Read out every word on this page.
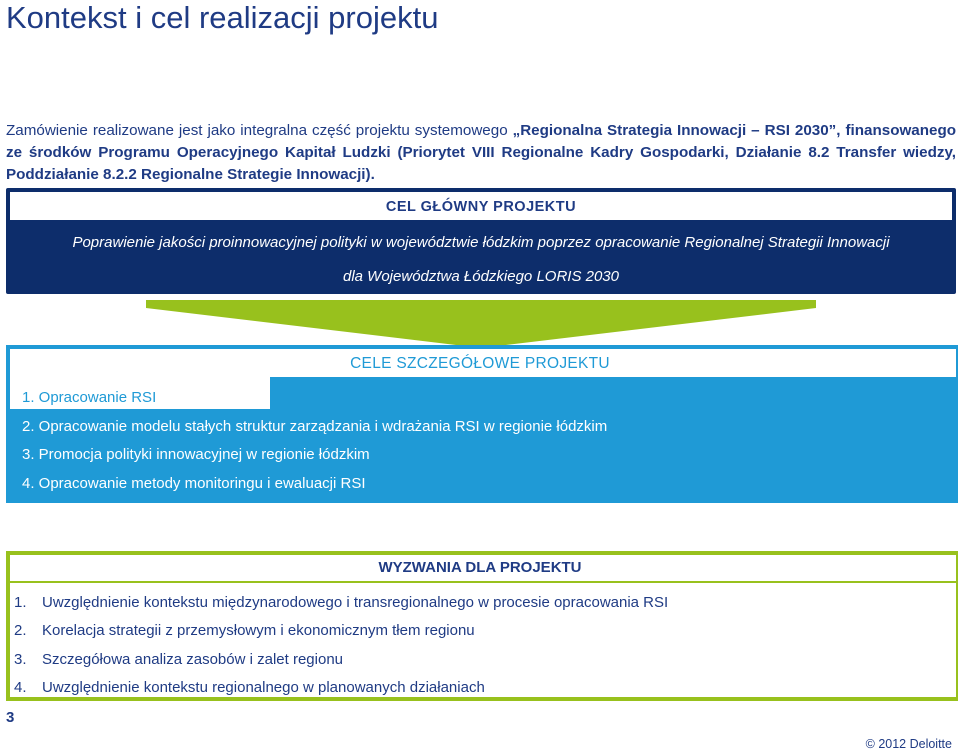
Kontekst i cel realizacji projektu
Zamówienie realizowane jest jako integralna część projektu systemowego „Regionalna Strategia Innowacji – RSI 2030”, finansowanego ze środków Programu Operacyjnego Kapitał Ludzki (Priorytet VIII Regionalne Kadry Gospodarki, Działanie 8.2 Transfer wiedzy, Poddziałanie 8.2.2 Regionalne Strategie Innowacji).
CEL GŁÓWNY PROJEKTU
Poprawienie jakości proinnowacyjnej polityki w województwie łódzkim poprzez opracowanie Regionalnej Strategii Innowacji
dla Województwa Łódzkiego LORIS 2030
CELE SZCZEGÓŁOWE PROJEKTU
1. Opracowanie RSI
2. Opracowanie modelu stałych struktur zarządzania i wdrażania RSI w regionie łódzkim
3. Promocja polityki innowacyjnej w regionie łódzkim
4. Opracowanie metody monitoringu i ewaluacji RSI
WYZWANIA DLA PROJEKTU
1. Uwzględnienie kontekstu międzynarodowego i transregionalnego w procesie opracowania RSI
2. Korelacja strategii z przemysłowym i ekonomicznym tłem regionu
3. Szczegółowa analiza zasobów i zalet regionu
4. Uwzględnienie kontekstu regionalnego w planowanych działaniach
3
© 2012 Deloitte
